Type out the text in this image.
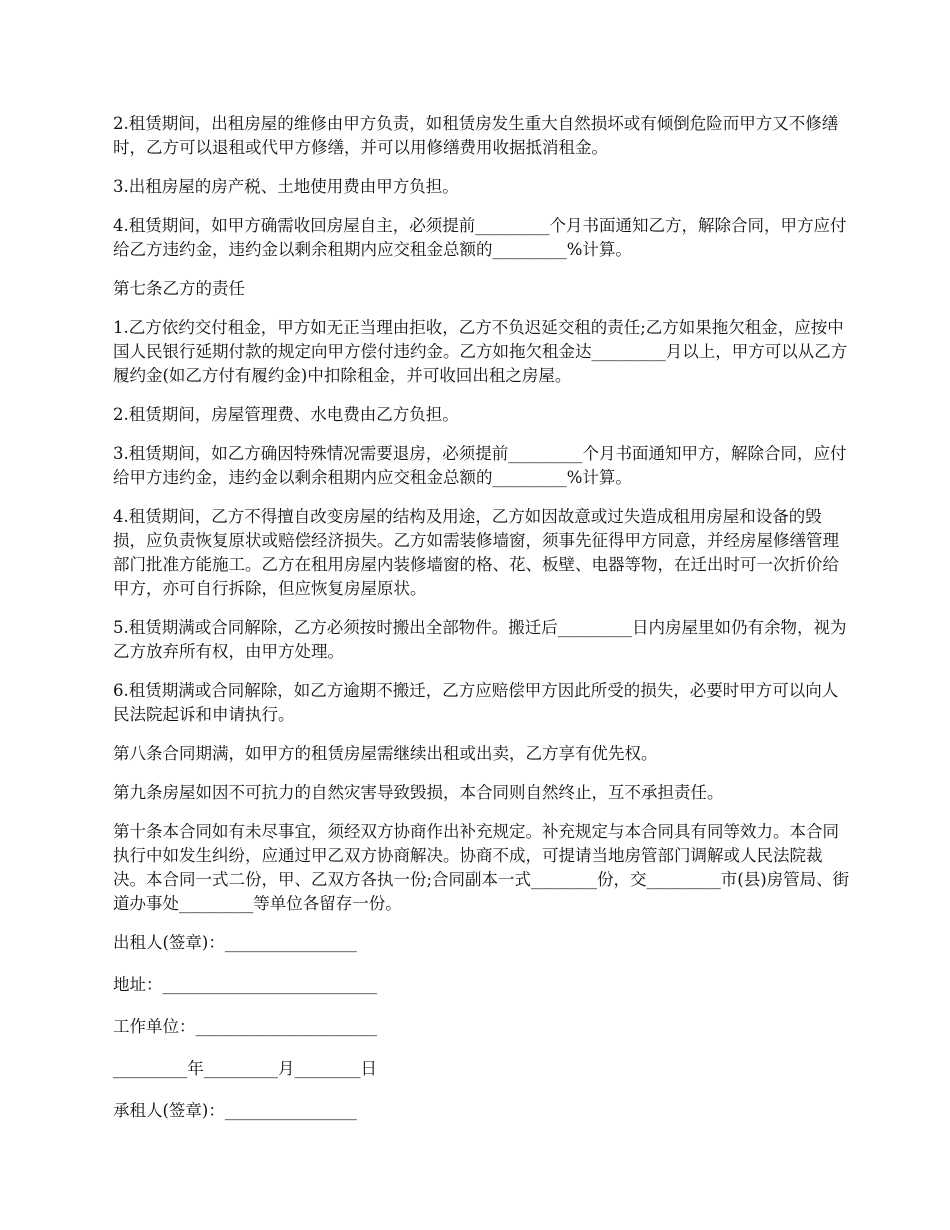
2.租赁期间，出租房屋的维修由甲方负责，如租赁房发生重大自然损坏或有倾倒危险而甲方又不修缮时，乙方可以退租或代甲方修缮，并可以用修缮费用收据抵消租金。

3.出租房屋的房产税、土地使用费由甲方负担。

4.租赁期间，如甲方确需收回房屋自主，必须提前_________个月书面通知乙方，解除合同，甲方应付给乙方违约金，违约金以剩余租期内应交租金总额的_________%计算。

第七条乙方的责任

1.乙方依约交付租金，甲方如无正当理由拒收，乙方不负迟延交租的责任;乙方如果拖欠租金，应按中国人民银行延期付款的规定向甲方偿付违约金。乙方如拖欠租金达_________月以上，甲方可以从乙方履约金(如乙方付有履约金)中扣除租金，并可收回出租之房屋。

2.租赁期间，房屋管理费、水电费由乙方负担。

3.租赁期间，如乙方确因特殊情况需要退房，必须提前_________个月书面通知甲方，解除合同，应付给甲方违约金，违约金以剩余租期内应交租金总额的_________%计算。

4.租赁期间，乙方不得擅自改变房屋的结构及用途，乙方如因故意或过失造成租用房屋和设备的毁损，应负责恢复原状或赔偿经济损失。乙方如需装修墙窗，须事先征得甲方同意，并经房屋修缮管理部门批准方能施工。乙方在租用房屋内装修墙窗的格、花、板壁、电器等物，在迁出时可一次折价给甲方，亦可自行拆除，但应恢复房屋原状。

5.租赁期满或合同解除，乙方必须按时搬出全部物件。搬迁后_________日内房屋里如仍有余物，视为乙方放弃所有权，由甲方处理。

6.租赁期满或合同解除，如乙方逾期不搬迁，乙方应赔偿甲方因此所受的损失，必要时甲方可以向人民法院起诉和申请执行。

第八条合同期满，如甲方的租赁房屋需继续出租或出卖，乙方享有优先权。

第九条房屋如因不可抗力的自然灾害导致毁损，本合同则自然终止，互不承担责任。

第十条本合同如有未尽事宜，须经双方协商作出补充规定。补充规定与本合同具有同等效力。本合同执行中如发生纠纷，应通过甲乙双方协商解决。协商不成，可提请当地房管部门调解或人民法院裁决。本合同一式二份，甲、乙双方各执一份;合同副本一式________份，交_________市(县)房管局、街道办事处_________等单位各留存一份。

出租人(签章)：________________

地址：__________________________

工作单位：______________________

_________年_________月________日

承租人(签章)：________________
